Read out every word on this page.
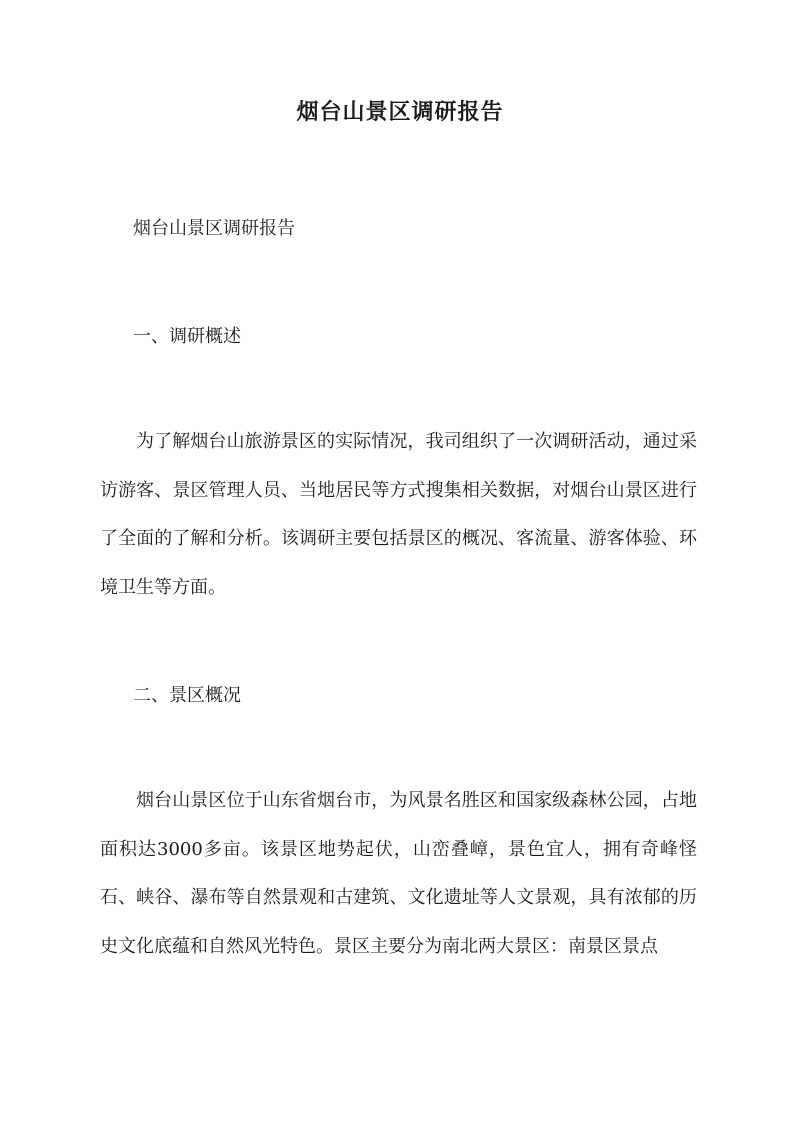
烟台山景区调研报告
烟台山景区调研报告
一、调研概述
为了解烟台山旅游景区的实际情况，我司组织了一次调研活动，通过采访游客、景区管理人员、当地居民等方式搜集相关数据，对烟台山景区进行了全面的了解和分析。该调研主要包括景区的概况、客流量、游客体验、环境卫生等方面。
二、景区概况
烟台山景区位于山东省烟台市，为风景名胜区和国家级森林公园，占地面积达3000多亩。该景区地势起伏，山峦叠嶂，景色宜人，拥有奇峰怪石、峡谷、瀑布等自然景观和古建筑、文化遗址等人文景观，具有浓郁的历史文化底蕴和自然风光特色。景区主要分为南北两大景区：南景区景点
